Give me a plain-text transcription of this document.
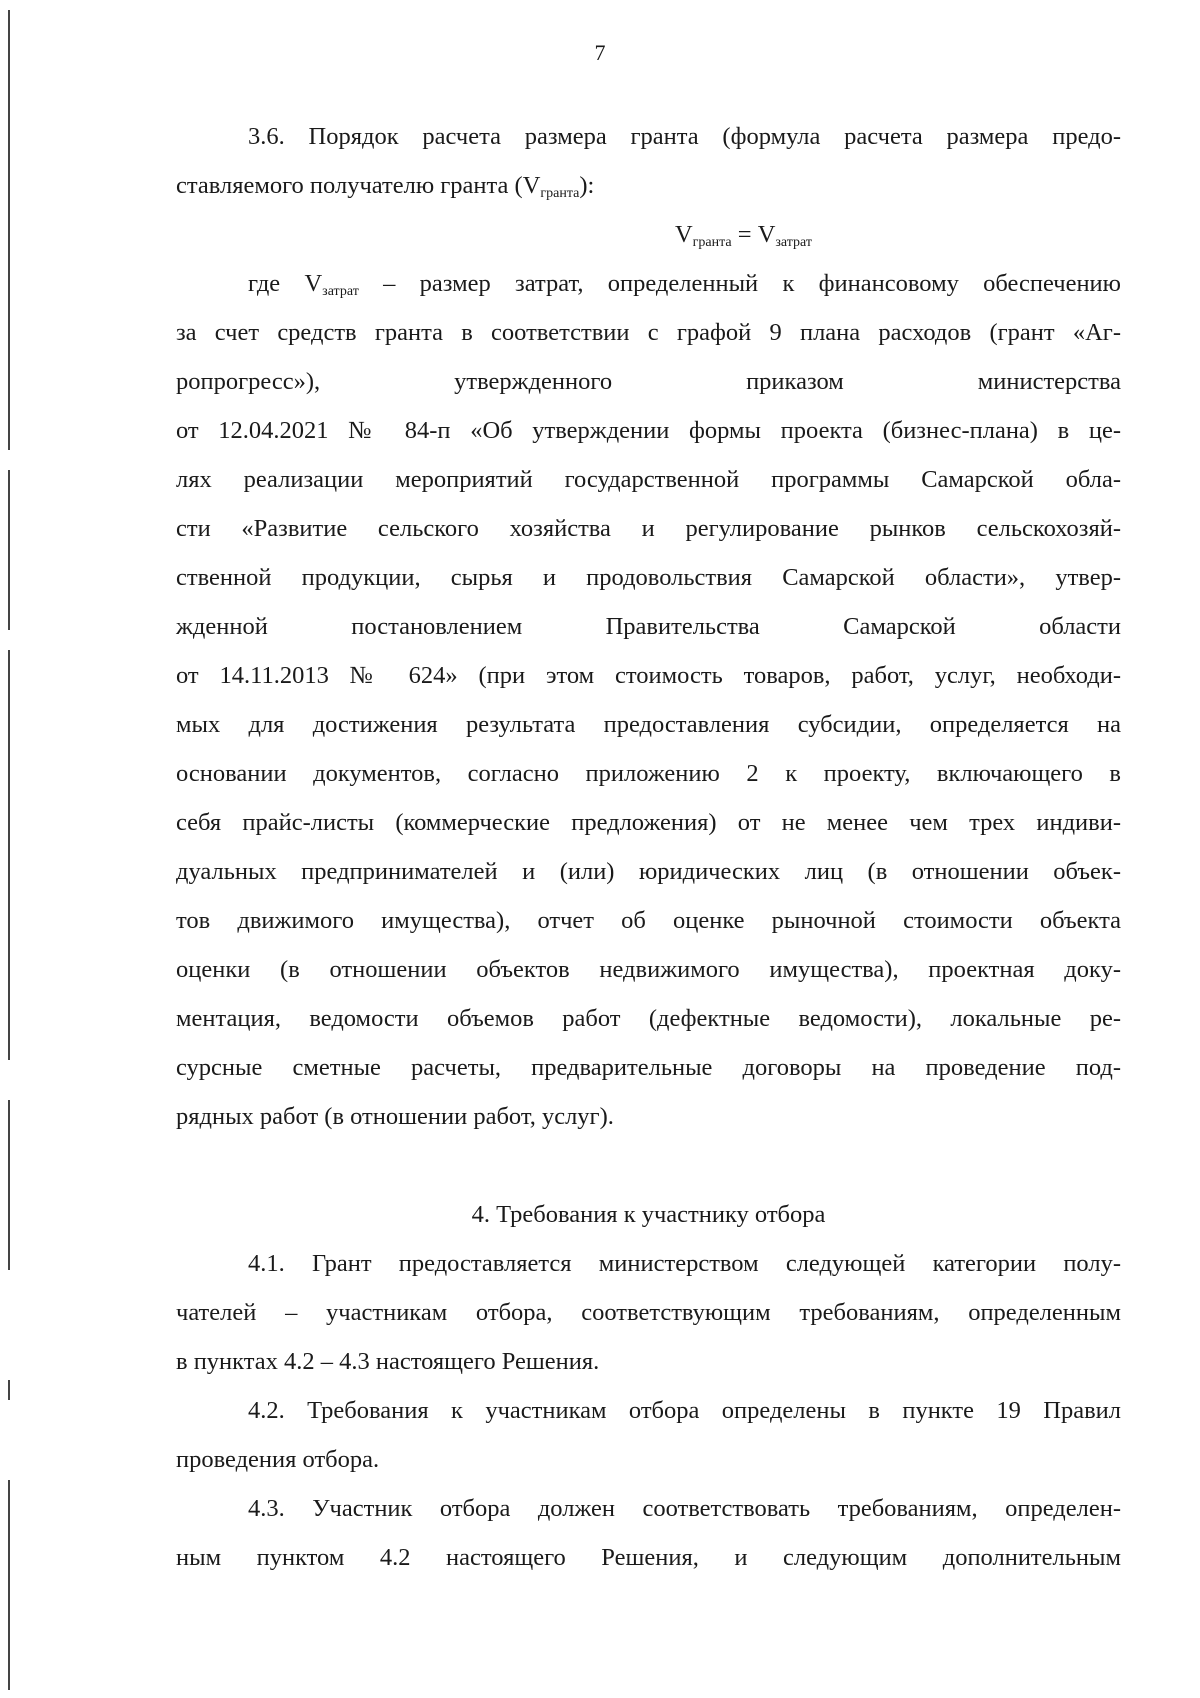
7
3.6. Порядок расчета размера гранта (формула расчета размера предо-
ставляемого получателю гранта $(V_{гранта})$:
$V_{гранта} = V_{затрат}$
где $V_{затрат}$ – размер затрат, определенный к финансовому обеспечению
за счет средств гранта в соответствии с графой 9 плана расходов (грант «Аг-
ропрогресс»), утвержденного приказом министерства
от 12.04.2021 № 84-п «Об утверждении формы проекта (бизнес-плана) в це-
лях реализации мероприятий государственной программы Самарской обла-
сти «Развитие сельского хозяйства и регулирование рынков сельскохозяй-
ственной продукции, сырья и продовольствия Самарской области», утвер-
жденной постановлением Правительства Самарской области
от 14.11.2013 № 624» (при этом стоимость товаров, работ, услуг, необходи-
мых для достижения результата предоставления субсидии, определяется на
основании документов, согласно приложению 2 к проекту, включающего в
себя прайс-листы (коммерческие предложения) от не менее чем трех индиви-
дуальных предпринимателей и (или) юридических лиц (в отношении объек-
тов движимого имущества), отчет об оценке рыночной стоимости объекта
оценки (в отношении объектов недвижимого имущества), проектная доку-
ментация, ведомости объемов работ (дефектные ведомости), локальные ре-
сурсные сметные расчеты, предварительные договоры на проведение под-
рядных работ (в отношении работ, услуг).
4. Требования к участнику отбора
4.1. Грант предоставляется министерством следующей категории полу-
чателей – участникам отбора, соответствующим требованиям, определенным
в пунктах 4.2 – 4.3 настоящего Решения.
4.2. Требования к участникам отбора определены в пункте 19 Правил
проведения отбора.
4.3. Участник отбора должен соответствовать требованиям, определен-
ным пунктом 4.2 настоящего Решения, и следующим дополнительным
